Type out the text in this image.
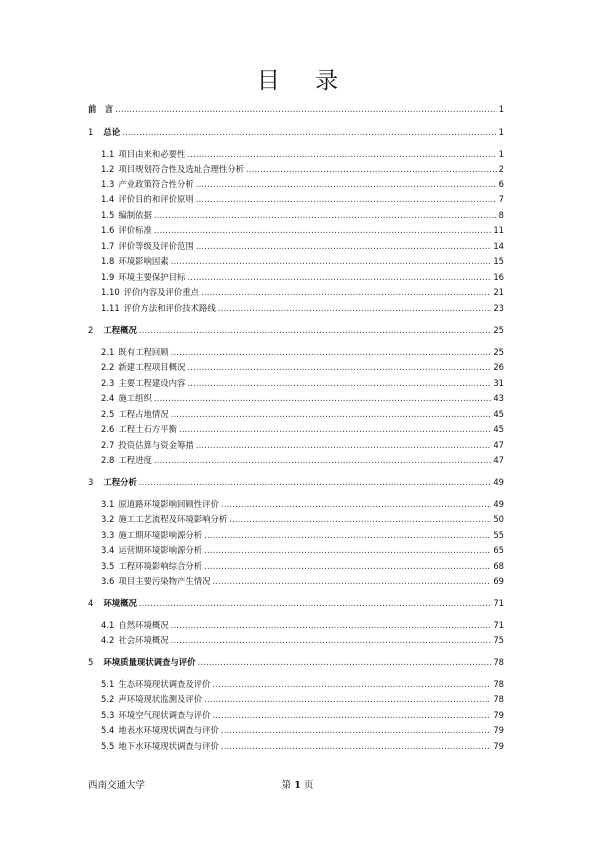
目 录
前　言 .....	1
1 总论 .....	1
1.1 项目由来和必要性 .....	1
1.2 项目规划符合性及选址合理性分析 .....	2
1.3 产业政策符合性分析 .....	6
1.4 评价目的和评价原则 .....	7
1.5 编制依据 .....	8
1.6 评价标准 .....	11
1.7 评价等级及评价范围 .....	14
1.8 环境影响因素 .....	15
1.9 环境主要保护目标 .....	16
1.10 评价内容及评价重点 .....	21
1.11 评价方法和评价技术路线 .....	23
2 工程概况 .....	25
2.1 既有工程回顾 .....	25
2.2 新建工程项目概况 .....	26
2.3 主要工程建设内容 .....	31
2.4 施工组织 .....	43
2.5 工程占地情况 .....	45
2.6 工程土石方平衡 .....	45
2.7 投资估算与资金筹措 .....	47
2.8 工程进度 .....	47
3 工程分析 .....	49
3.1 原道路环境影响回顾性评价 .....	49
3.2 施工工艺流程及环境影响分析 .....	50
3.3 施工期环境影响源分析 .....	55
3.4 运营期环境影响源分析 .....	65
3.5 工程环境影响综合分析 .....	68
3.6 项目主要污染物产生情况 .....	69
4 环境概况 .....	71
4.1 自然环境概况 .....	71
4.2 社会环境概况 .....	75
5 环境质量现状调查与评价 .....	78
5.1 生态环境现状调查及评价 .....	78
5.2 声环境现状监测及评价 .....	78
5.3 环境空气现状调查与评价 .....	79
5.4 地表水环境现状调查与评价 .....	79
5.5 地下水环境现状调查与评价 .....	79
西南交通大学	第 1 页
